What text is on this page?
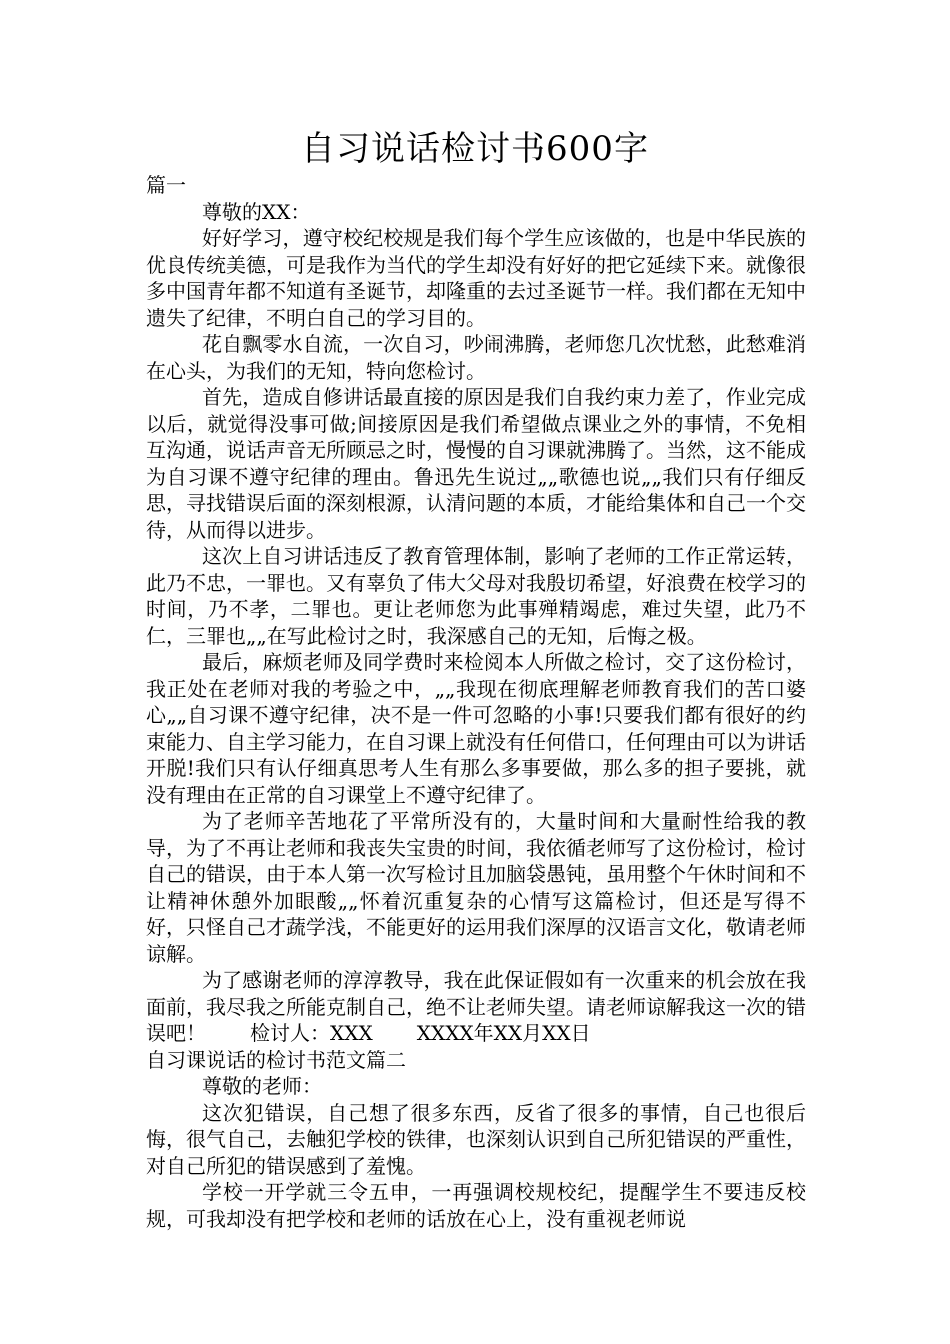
自习说话检讨书600字

篇一

尊敬的XX：

好好学习，遵守校纪校规是我们每个学生应该做的，也是中华民族的优良传统美德，可是我作为当代的学生却没有好好的把它延续下来。就像很多中国青年都不知道有圣诞节，却隆重的去过圣诞节一样。我们都在无知中遗失了纪律，不明白自己的学习目的。

花自飘零水自流，一次自习，吵闹沸腾，老师您几次忧愁，此愁难消在心头，为我们的无知，特向您检讨。

首先，造成自修讲话最直接的原因是我们自我约束力差了，作业完成以后，就觉得没事可做;间接原因是我们希望做点课业之外的事情，不免相互沟通，说话声音无所顾忌之时，慢慢的自习课就沸腾了。当然，这不能成为自习课不遵守纪律的理由。鲁迅先生说过„„歌德也说„„我们只有仔细反思，寻找错误后面的深刻根源，认清问题的本质，才能给集体和自己一个交待，从而得以进步。

这次上自习讲话违反了教育管理体制，影响了老师的工作正常运转，此乃不忠，一罪也。又有辜负了伟大父母对我殷切希望，好浪费在校学习的时间，乃不孝，二罪也。更让老师您为此事殚精竭虑，难过失望，此乃不仁，三罪也„„在写此检讨之时，我深感自己的无知，后悔之极。

最后，麻烦老师及同学费时来检阅本人所做之检讨，交了这份检讨，我正处在老师对我的考验之中，„„我现在彻底理解老师教育我们的苦口婆心„„自习课不遵守纪律，决不是一件可忽略的小事!只要我们都有很好的约束能力、自主学习能力，在自习课上就没有任何借口，任何理由可以为讲话开脱!我们只有认仔细真思考人生有那么多事要做，那么多的担子要挑，就没有理由在正常的自习课堂上不遵守纪律了。

为了老师辛苦地花了平常所没有的，大量时间和大量耐性给我的教导，为了不再让老师和我丧失宝贵的时间，我依循老师写了这份检讨，检讨自己的错误，由于本人第一次写检讨且加脑袋愚钝，虽用整个午休时间和不让精神休憩外加眼酸„„怀着沉重复杂的心情写这篇检讨，但还是写得不好，只怪自己才蔬学浅，不能更好的运用我们深厚的汉语言文化，敬请老师谅解。

为了感谢老师的淳淳教导，我在此保证假如有一次重来的机会放在我面前，我尽我之所能克制自己，绝不让老师失望。请老师谅解我这一次的错误吧！ 检讨人：XXX XXXX年XX月XX日

自习课说话的检讨书范文篇二

尊敬的老师：

这次犯错误，自己想了很多东西，反省了很多的事情，自己也很后悔，很气自己，去触犯学校的铁律，也深刻认识到自己所犯错误的严重性，对自己所犯的错误感到了羞愧。

学校一开学就三令五申，一再强调校规校纪，提醒学生不要违反校规，可我却没有把学校和老师的话放在心上，没有重视老师说
